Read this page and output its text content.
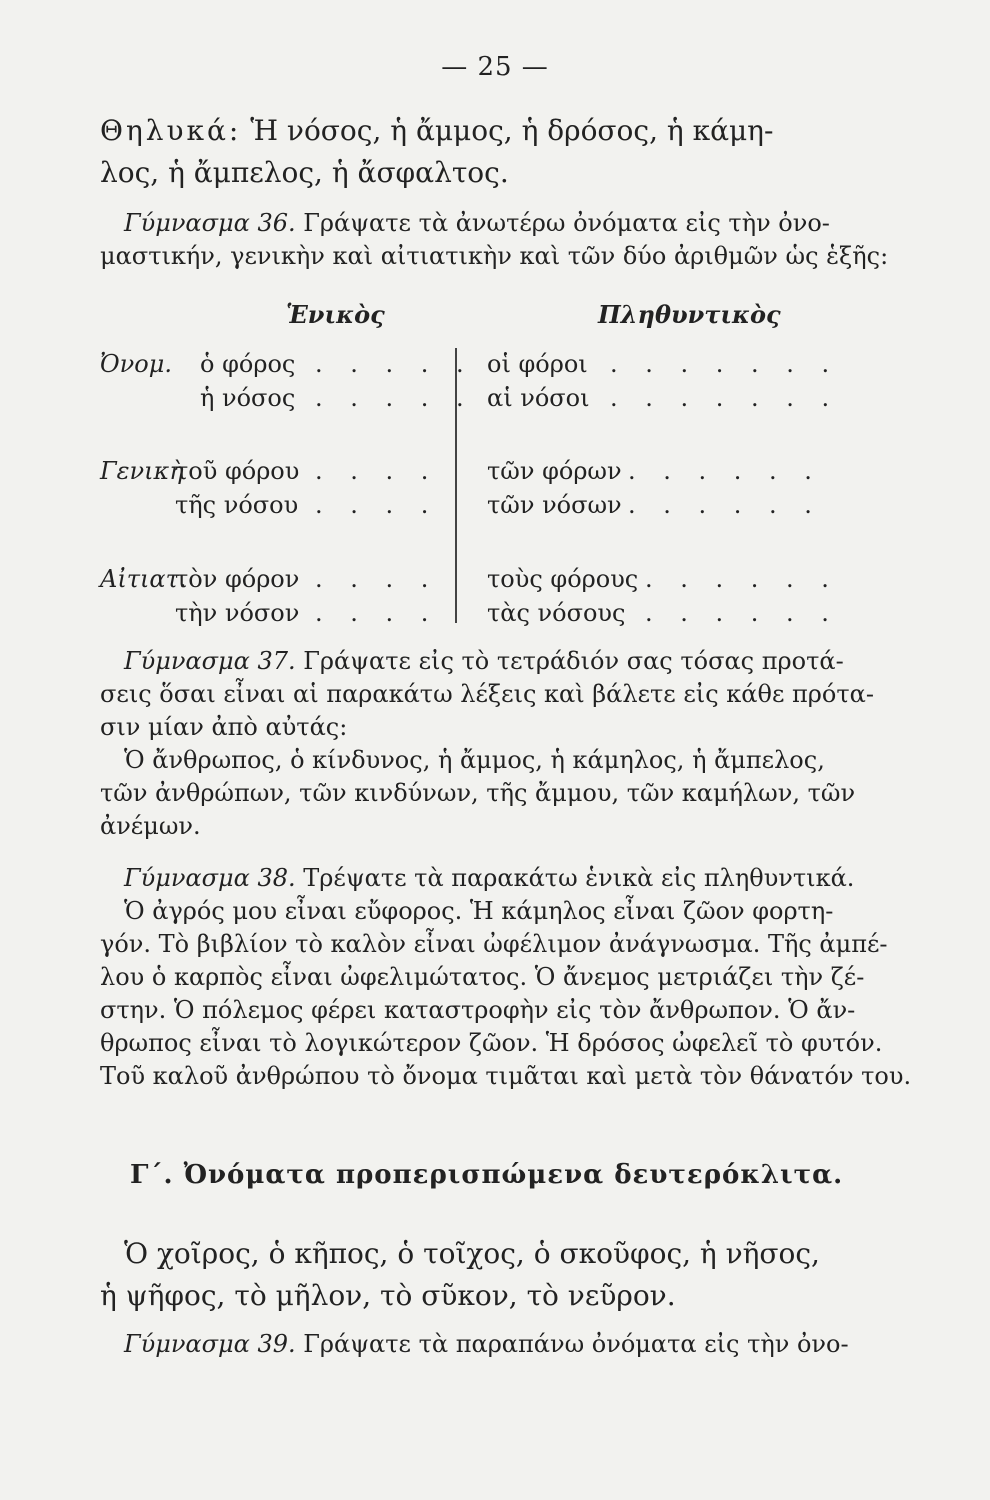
— 25 —
Θηλυκά: Ἡ νόσος, ἡ ἄμμος, ἡ δρόσος, ἡ κάμη-
λος, ἡ ἄμπελος, ἡ ἄσφαλτος.
Γύμνασμα 36. Γράψατε τὰ ἀνωτέρω ὀνόματα εἰς τὴν ὀνο-
μαστικήν, γενικὴν καὶ αἰτιατικὴν καὶ τῶν δύο ἀριθμῶν ὡς ἑξῆς:
Ἑνικὸς	Πληθυντικὸς
Ὀνομ. ὁ φόρος . . . . . οἱ φόροι . . . . . . .
ἡ νόσος . . . . . αἱ νόσοι . . . . . . .
Γενικὴ
τοῦ φόρου . . . . τῶν φόρων . . . . . .
τῆς νόσου . . . . τῶν νόσων . . . . . .
Αἰτιατ.
τὸν φόρον . . . . τοὺς φόρους . . . . . .
τὴν νόσον . . . . τὰς νόσους . . . . . .
Γύμνασμα 37. Γράψατε εἰς τὸ τετράδιόν σας τόσας προτά-
σεις ὅσαι εἶναι αἱ παρακάτω λέξεις καὶ βάλετε εἰς κάθε πρότα-
σιν μίαν ἀπὸ αὐτάς:
Ὁ ἄνθρωπος, ὁ κίνδυνος, ἡ ἄμμος, ἡ κάμηλος, ἡ ἄμπελος,
τῶν ἀνθρώπων, τῶν κινδύνων, τῆς ἄμμου, τῶν καμήλων, τῶν
ἀνέμων.
Γύμνασμα 38. Τρέψατε τὰ παρακάτω ἑνικὰ εἰς πληθυντικά.
Ὁ ἀγρός μου εἶναι εὔφορος. Ἡ κάμηλος εἶναι ζῶον φορτη-
γόν. Τὸ βιβλίον τὸ καλὸν εἶναι ὠφέλιμον ἀνάγνωσμα. Τῆς ἀμπέ-
λου ὁ καρπὸς εἶναι ὠφελιμώτατος. Ὁ ἄνεμος μετριάζει τὴν ζέ-
στην. Ὁ πόλεμος φέρει καταστροφὴν εἰς τὸν ἄνθρωπον. Ὁ ἄν-
θρωπος εἶναι τὸ λογικώτερον ζῶον. Ἡ δρόσος ὠφελεῖ τὸ φυτόν.
Τοῦ καλοῦ ἀνθρώπου τὸ ὄνομα τιμᾶται καὶ μετὰ τὸν θάνατόν του.
Γ΄. Ὀνόματα προπερισπώμενα δευτερόκλιτα.
Ὁ χοῖρος, ὁ κῆπος, ὁ τοῖχος, ὁ σκοῦφος, ἡ νῆσος,
ἡ ψῆφος, τὸ μῆλον, τὸ σῦκον, τὸ νεῦρον.
Γύμνασμα 39. Γράψατε τὰ παραπάνω ὀνόματα εἰς τὴν ὀνο-
